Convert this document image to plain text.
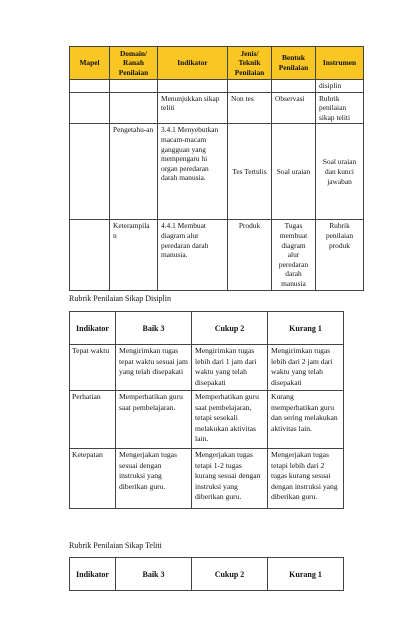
Mapel	Domain/ Ranah Penilaian	Indikator	Jenis/ Teknik Penilaian	Bentuk Penilaian	Instrumen
					disiplin
		Menunjukkan sikap teliti	Non tes	Observasi	Rubrik penilaian sikap teliti
	Pengetahu-an	3.4.1 Menyebutkan macam-macam gangguan yang mempengaru hi organ peredaran darah manusia.	Tes Tertulis	Soal uraian	Soal uraian dan kunci jawaban
	Keterampila n	4.4.1 Membuat diagram alur peredaran darah manusia.	Produk	Tugas membuat diagram alur peredaran darah manusia	Rubrik penilaian produk
Rubrik Penilaian Sikap Disiplin
Indikator	Baik 3	Cukup 2	Kurang 1
Tepat waktu	Mengirimkan tugas tepat waktu sesuai jam yang telah disepakati	Mengirimkan tugas lebih dari 1 jam dari waktu yang telah disepakati	Mengirimkan tugas lebih dari 2 jam dari waktu yang telah disepakati
Perhatian	Memperhatikan guru saat pembelajaran.	Memperhatikan guru saat pembelajaran, tetapi sesekali melakukan aktivitas lain.	Kurang memperhatikan guru dan sering melakukan aktivitas lain.
Ketepatan	Mengerjakan tugas sesuai dengan instruksi yang diberikan guru.	Mengerjakan tugas tetapi 1-2 tugas kurang sesuai dengan instruksi yang diberikan guru.	Mengerjakan tugas tetapi lebih dari 2 tugas kurang sesuai dengan instruksi yang diberikan guru.
Rubrik Penilaian Sikap Teliti
Indikator	Baik 3	Cukup 2	Kurang 1
